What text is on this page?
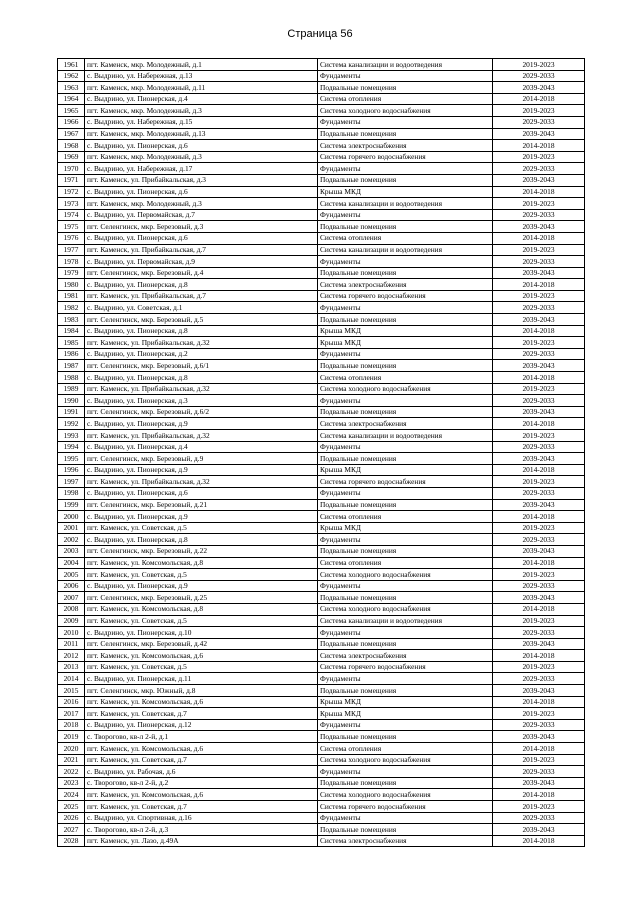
Страница 56
1961	пгт. Каменск, мкр. Молодежный, д.1	Система канализации и водоотведения	2019-2023
1962	с. Выдрино, ул. Набережная, д.13	Фундаменты	2029-2033
1963	пгт. Каменск, мкр. Молодежный, д.11	Подвальные помещения	2039-2043
1964	с. Выдрино, ул. Пионерская, д.4	Система отопления	2014-2018
1965	пгт. Каменск, мкр. Молодежный, д.3	Система холодного водоснабжения	2019-2023
1966	с. Выдрино, ул. Набережная, д.15	Фундаменты	2029-2033
1967	пгт. Каменск, мкр. Молодежный, д.13	Подвальные помещения	2039-2043
1968	с. Выдрино, ул. Пионерская, д.6	Система электроснабжения	2014-2018
1969	пгт. Каменск, мкр. Молодежный, д.3	Система горячего водоснабжения	2019-2023
1970	с. Выдрино, ул. Набережная, д.17	Фундаменты	2029-2033
1971	пгт. Каменск, ул. Прибайкальская, д.3	Подвальные помещения	2039-2043
1972	с. Выдрино, ул. Пионерская, д.6	Крыша МКД	2014-2018
1973	пгт. Каменск, мкр. Молодежный, д.3	Система канализации и водоотведения	2019-2023
1974	с. Выдрино, ул. Первомайская, д.7	Фундаменты	2029-2033
1975	пгт. Селенгинск, мкр. Березовый, д.3	Подвальные помещения	2039-2043
1976	с. Выдрино, ул. Пионерская, д.6	Система отопления	2014-2018
1977	пгт. Каменск, ул. Прибайкальская, д.7	Система канализации и водоотведения	2019-2023
1978	с. Выдрино, ул. Первомайская, д.9	Фундаменты	2029-2033
1979	пгт. Селенгинск, мкр. Березовый, д.4	Подвальные помещения	2039-2043
1980	с. Выдрино, ул. Пионерская, д.8	Система электроснабжения	2014-2018
1981	пгт. Каменск, ул. Прибайкальская, д.7	Система горячего водоснабжения	2019-2023
1982	с. Выдрино, ул. Советская, д.1	Фундаменты	2029-2033
1983	пгт. Селенгинск, мкр. Березовый, д.5	Подвальные помещения	2039-2043
1984	с. Выдрино, ул. Пионерская, д.8	Крыша МКД	2014-2018
1985	пгт. Каменск, ул. Прибайкальская, д.32	Крыша МКД	2019-2023
1986	с. Выдрино, ул. Пионерская, д.2	Фундаменты	2029-2033
1987	пгт. Селенгинск, мкр. Березовый, д.6/1	Подвальные помещения	2039-2043
1988	с. Выдрино, ул. Пионерская, д.8	Система отопления	2014-2018
1989	пгт. Каменск, ул. Прибайкальская, д.32	Система холодного водоснабжения	2019-2023
1990	с. Выдрино, ул. Пионерская, д.3	Фундаменты	2029-2033
1991	пгт. Селенгинск, мкр. Березовый, д.6/2	Подвальные помещения	2039-2043
1992	с. Выдрино, ул. Пионерская, д.9	Система электроснабжения	2014-2018
1993	пгт. Каменск, ул. Прибайкальская, д.32	Система канализации и водоотведения	2019-2023
1994	с. Выдрино, ул. Пионерская, д.4	Фундаменты	2029-2033
1995	пгт. Селенгинск, мкр. Березовый, д.9	Подвальные помещения	2039-2043
1996	с. Выдрино, ул. Пионерская, д.9	Крыша МКД	2014-2018
1997	пгт. Каменск, ул. Прибайкальская, д.32	Система горячего водоснабжения	2019-2023
1998	с. Выдрино, ул. Пионерская, д.6	Фундаменты	2029-2033
1999	пгт. Селенгинск, мкр. Березовый, д.21	Подвальные помещения	2039-2043
2000	с. Выдрино, ул. Пионерская, д.9	Система отопления	2014-2018
2001	пгт. Каменск, ул. Советская, д.5	Крыша МКД	2019-2023
2002	с. Выдрино, ул. Пионерская, д.8	Фундаменты	2029-2033
2003	пгт. Селенгинск, мкр. Березовый, д.22	Подвальные помещения	2039-2043
2004	пгт. Каменск, ул. Комсомольская, д.8	Система отопления	2014-2018
2005	пгт. Каменск, ул. Советская, д.5	Система холодного водоснабжения	2019-2023
2006	с. Выдрино, ул. Пионерская, д.9	Фундаменты	2029-2033
2007	пгт. Селенгинск, мкр. Березовый, д.25	Подвальные помещения	2039-2043
2008	пгт. Каменск, ул. Комсомольская, д.8	Система холодного водоснабжения	2014-2018
2009	пгт. Каменск, ул. Советская, д.5	Система канализации и водоотведения	2019-2023
2010	с. Выдрино, ул. Пионерская, д.10	Фундаменты	2029-2033
2011	пгт. Селенгинск, мкр. Березовый, д.42	Подвальные помещения	2039-2043
2012	пгт. Каменск, ул. Комсомольская, д.6	Система электроснабжения	2014-2018
2013	пгт. Каменск, ул. Советская, д.5	Система горячего водоснабжения	2019-2023
2014	с. Выдрино, ул. Пионерская, д.11	Фундаменты	2029-2033
2015	пгт. Селенгинск, мкр. Южный, д.8	Подвальные помещения	2039-2043
2016	пгт. Каменск, ул. Комсомольская, д.6	Крыша МКД	2014-2018
2017	пгт. Каменск, ул. Советская, д.7	Крыша МКД	2019-2023
2018	с. Выдрино, ул. Пионерская, д.12	Фундаменты	2029-2033
2019	с. Творогово, кв-л 2-й, д.1	Подвальные помещения	2039-2043
2020	пгт. Каменск, ул. Комсомольская, д.6	Система отопления	2014-2018
2021	пгт. Каменск, ул. Советская, д.7	Система холодного водоснабжения	2019-2023
2022	с. Выдрино, ул. Рабочая, д.6	Фундаменты	2029-2033
2023	с. Творогово, кв-л 2-й, д.2	Подвальные помещения	2039-2043
2024	пгт. Каменск, ул. Комсомольская, д.6	Система холодного водоснабжения	2014-2018
2025	пгт. Каменск, ул. Советская, д.7	Система горячего водоснабжения	2019-2023
2026	с. Выдрино, ул. Спортивная, д.16	Фундаменты	2029-2033
2027	с. Творогово, кв-л 2-й, д.3	Подвальные помещения	2039-2043
2028	пгт. Каменск, ул. Лазо, д.49А	Система электроснабжения	2014-2018
